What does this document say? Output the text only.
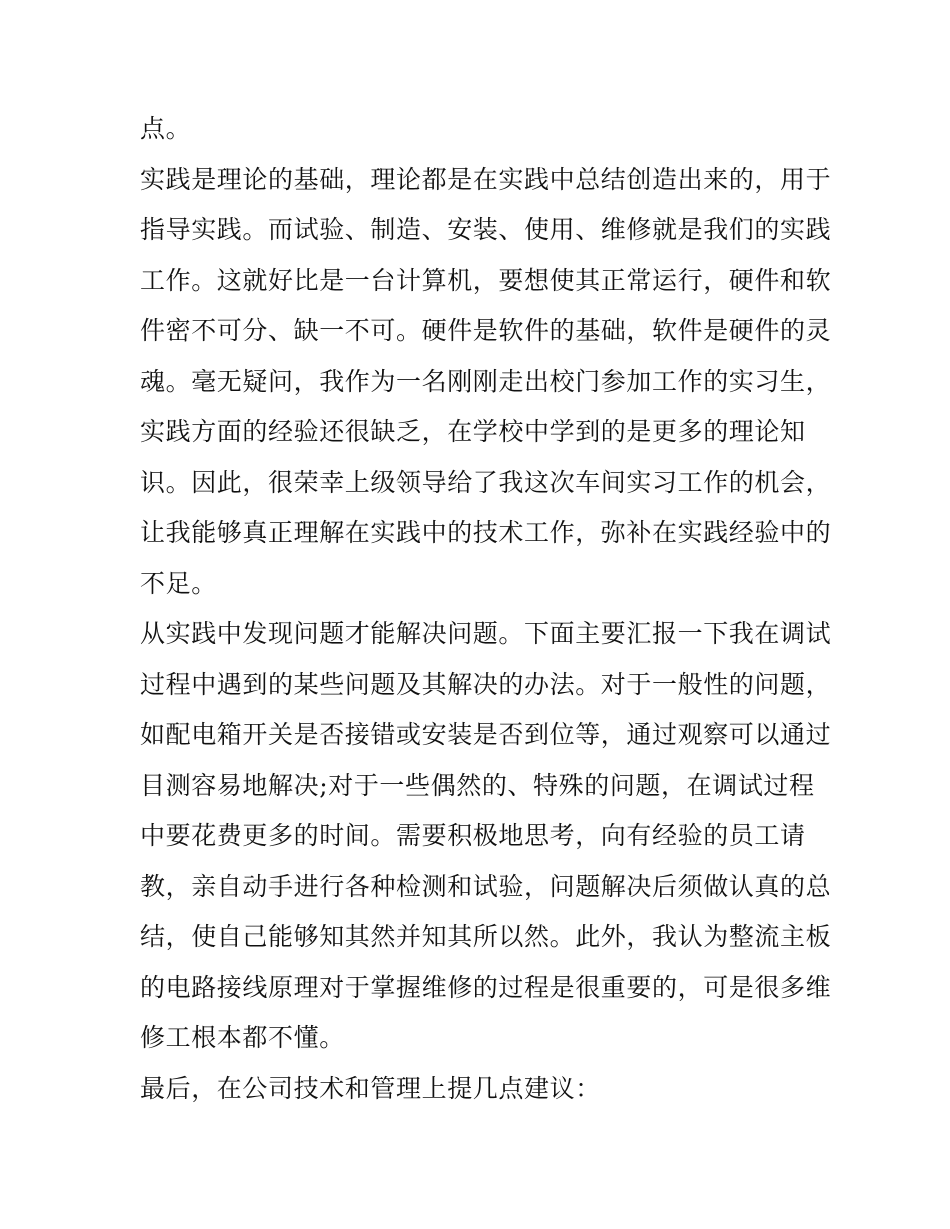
点。
实践是理论的基础，理论都是在实践中总结创造出来的，用于
指导实践。而试验、制造、安装、使用、维修就是我们的实践
工作。这就好比是一台计算机，要想使其正常运行，硬件和软
件密不可分、缺一不可。硬件是软件的基础，软件是硬件的灵
魂。毫无疑问，我作为一名刚刚走出校门参加工作的实习生，
实践方面的经验还很缺乏，在学校中学到的是更多的理论知
识。因此，很荣幸上级领导给了我这次车间实习工作的机会，
让我能够真正理解在实践中的技术工作，弥补在实践经验中的
不足。
从实践中发现问题才能解决问题。下面主要汇报一下我在调试
过程中遇到的某些问题及其解决的办法。对于一般性的问题，
如配电箱开关是否接错或安装是否到位等，通过观察可以通过
目测容易地解决;对于一些偶然的、特殊的问题，在调试过程
中要花费更多的时间。需要积极地思考，向有经验的员工请
教，亲自动手进行各种检测和试验，问题解决后须做认真的总
结，使自己能够知其然并知其所以然。此外，我认为整流主板
的电路接线原理对于掌握维修的过程是很重要的，可是很多维
修工根本都不懂。
最后，在公司技术和管理上提几点建议：
